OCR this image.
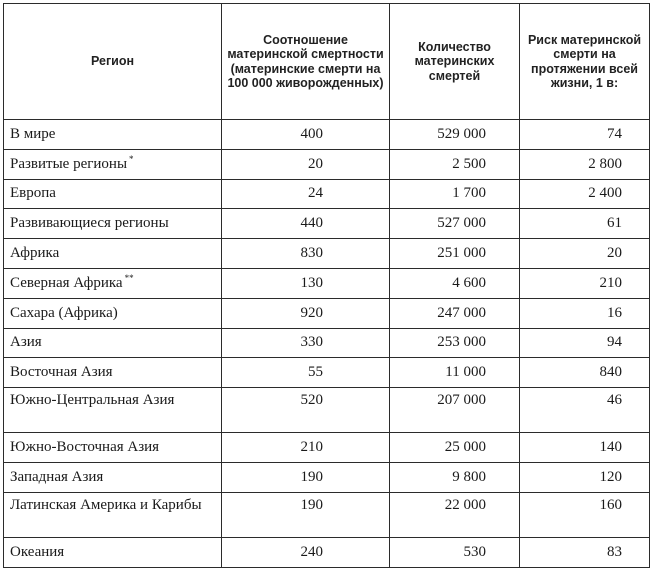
Регион	Соотношение материнской смертности (материнские смерти на 100 000 живорожденных)	Количество материнских смертей	Риск материнской смерти на протяжении всей жизни, 1 в:
В мире	400	529 000	74
Развитые регионы *	20	2 500	2 800
Европа	24	1 700	2 400
Развивающиеся регионы	440	527 000	61
Африка	830	251 000	20
Северная Африка **	130	4 600	210
Сахара (Африка)	920	247 000	16
Азия	330	253 000	94
Восточная Азия	55	11 000	840
Южно-Центральная Азия	520	207 000	46
Южно-Восточная Азия	210	25 000	140
Западная Азия	190	9 800	120
Латинская Америка и Карибы	190	22 000	160
Океания	240	530	83
